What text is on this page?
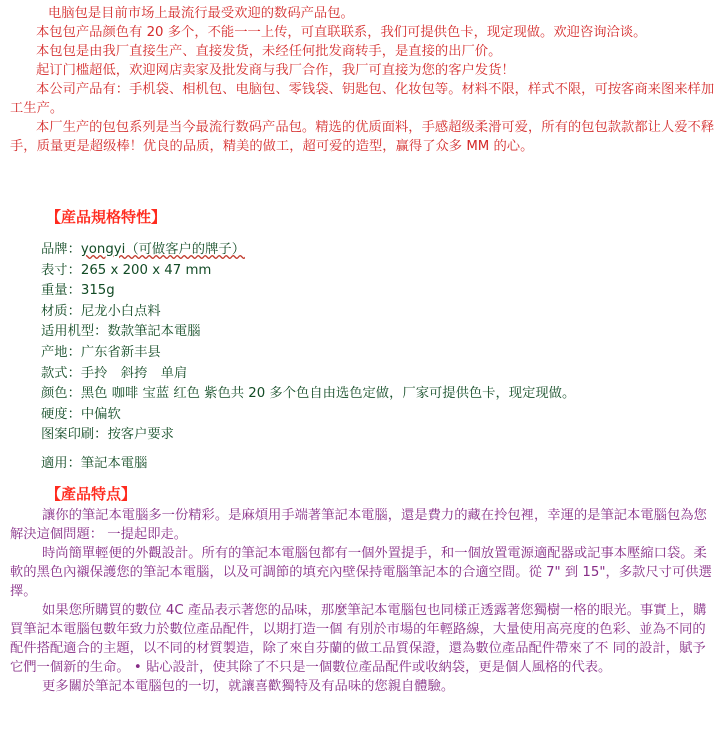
电脑包是目前市场上最流行最受欢迎的数码产品包。

本包包产品颜色有 20 多个，不能一一上传，可直联联系，我们可提供色卡，现定现做。欢迎咨询洽谈。

本包包是由我厂直接生产、直接发货，未经任何批发商转手，是直接的出厂价。

起订门槛超低，欢迎网店卖家及批发商与我厂合作，我厂可直接为您的客户发货！

本公司产品有：手机袋、相机包、电脑包、零钱袋、钥匙包、化妆包等。材料不限，样式不限，可按客商来图来样加工生产。

本厂生产的包包系列是当今最流行数码产品包。精选的优质面料，手感超级柔滑可爱，所有的包包款款都让人爱不释手，质量更是超级棒！优良的品质，精美的做工，超可爱的造型，赢得了众多 MM 的心。

【産品規格特性】
品牌：yongyi（可做客户的牌子）
表寸：265 x 200 x 47 mm
重量：315g
材质：尼龙小白点料
适用机型：数款筆記本電腦
产地：广东省新丰县
款式：手拎　斜挎　单肩
颜色：黑色 咖啡 宝蓝 红色 紫色共 20 多个色自由选色定做，厂家可提供色卡，现定现做。
硬度：中偏软
图案印刷：按客户要求
適用：筆記本電腦
【產品特点】

讓你的筆記本電腦多一份精彩。是麻煩用手端著筆記本電腦，還是費力的藏在拎包裡，幸運的是筆記本電腦包為您解決這個問題： 一提起即走。

時尚簡單輕便的外觀設計。所有的筆記本電腦包都有一個外置提手，和一個放置電源適配器或記事本壓縮口袋。柔軟的黑色內襯保護您的筆記本電腦，以及可調節的填充內壁保持電腦筆記本的合適空間。從 7" 到 15"，多款尺寸可供選擇。

如果您所購買的數位 4C 產品表示著您的品味，那麼筆記本電腦包也同樣正透露著您獨樹一格的眼光。事實上，購買筆記本電腦包數年致力於數位產品配件，以期打造一個 有別於市場的年輕路線，大量使用高亮度的色彩、並為不同的配件搭配適合的主題，以不同的材質製造，除了來自芬蘭的做工品質保證，還為數位產品配件帶來了不 同的設計，賦予它們一個新的生命。 • 貼心設計，使其除了不只是一個數位產品配件或收納袋，更是個人風格的代表。

更多關於筆記本電腦包的一切，就讓喜歡獨特及有品味的您親自體驗。
